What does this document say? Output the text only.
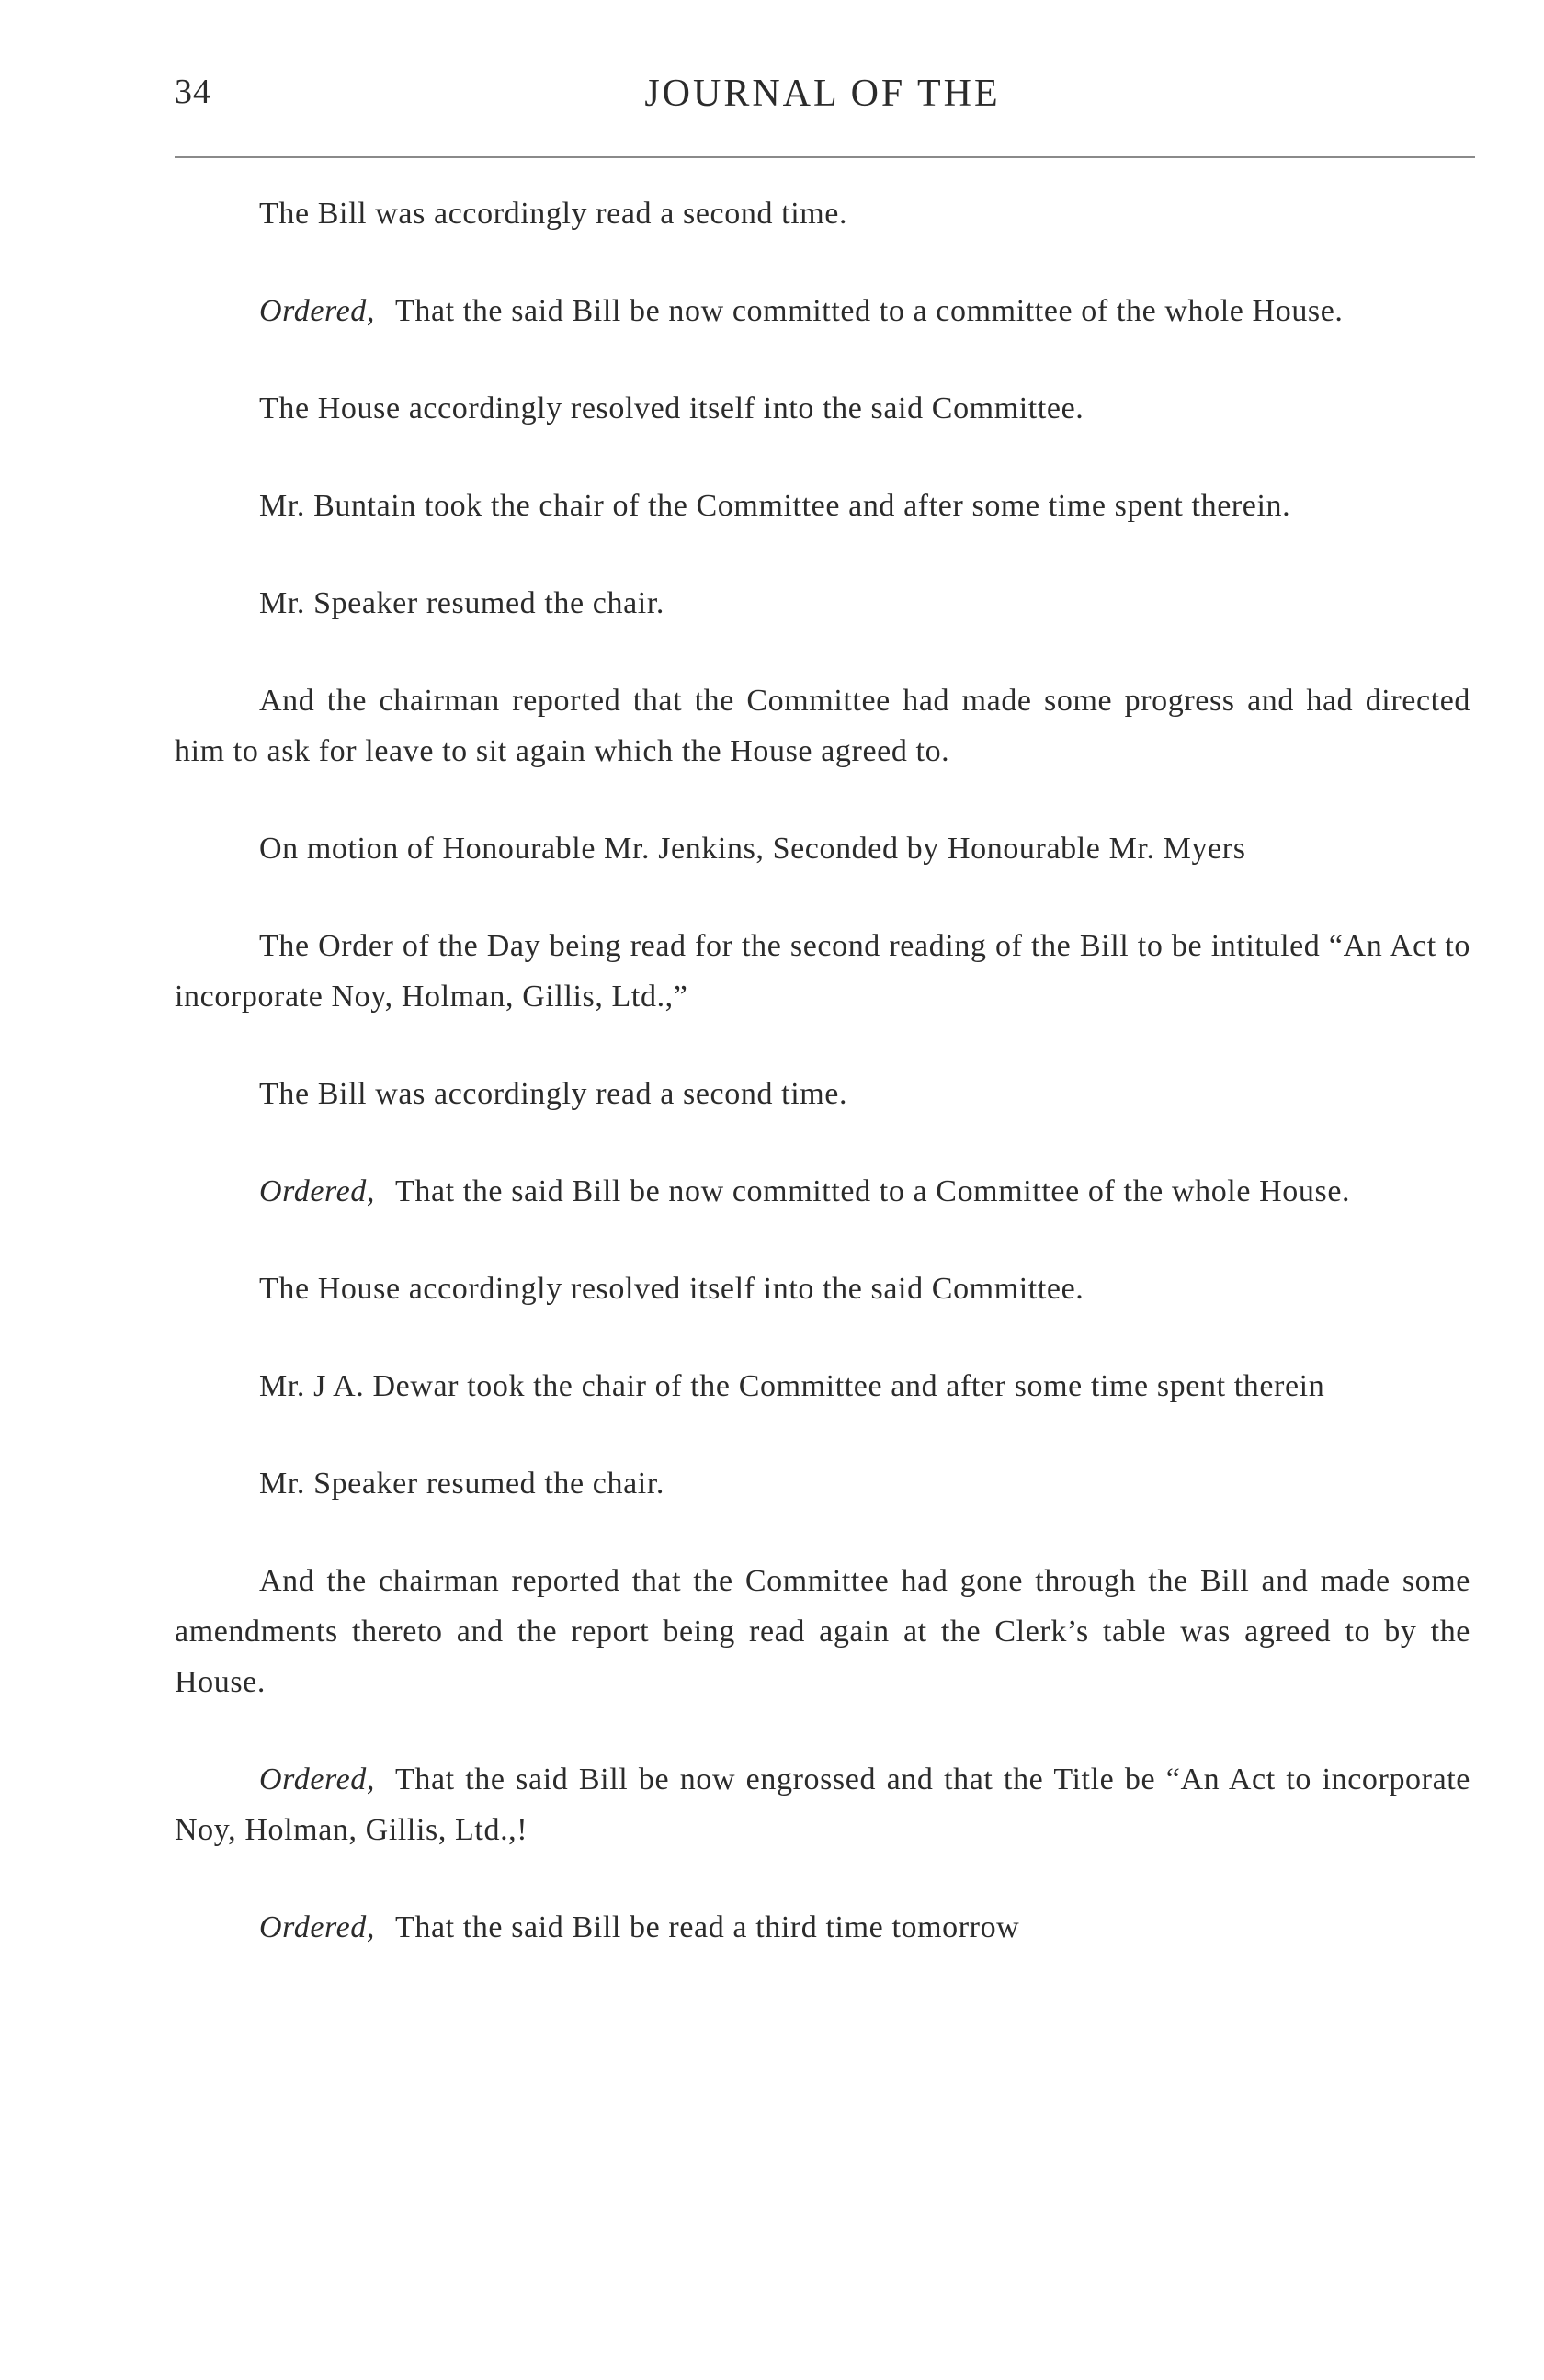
34	JOURNAL OF THE

The Bill was accordingly read a second time.

Ordered, That the said Bill be now committed to a committee of the whole House.

The House accordingly resolved itself into the said Committee.

Mr. Buntain took the chair of the Committee and after some time spent therein.

Mr. Speaker resumed the chair.

And the chairman reported that the Committee had made some progress and had directed him to ask for leave to sit again which the House agreed to.

On motion of Honourable Mr. Jenkins, Seconded by Honourable Mr. Myers

The Order of the Day being read for the second reading of the Bill to be intituled “An Act to incorporate Noy, Holman, Gillis, Ltd.,”

The Bill was accordingly read a second time.

Ordered, That the said Bill be now committed to a Committee of the whole House.

The House accordingly resolved itself into the said Committee.

Mr. J A. Dewar took the chair of the Committee and after some time spent therein

Mr. Speaker resumed the chair.

And the chairman reported that the Committee had gone through the Bill and made some amendments thereto and the report being read again at the Clerk’s table was agreed to by the House.

Ordered, That the said Bill be now engrossed and that the Title be “An Act to incorporate Noy, Holman, Gillis, Ltd.,!

Ordered, That the said Bill be read a third time tomorrow
